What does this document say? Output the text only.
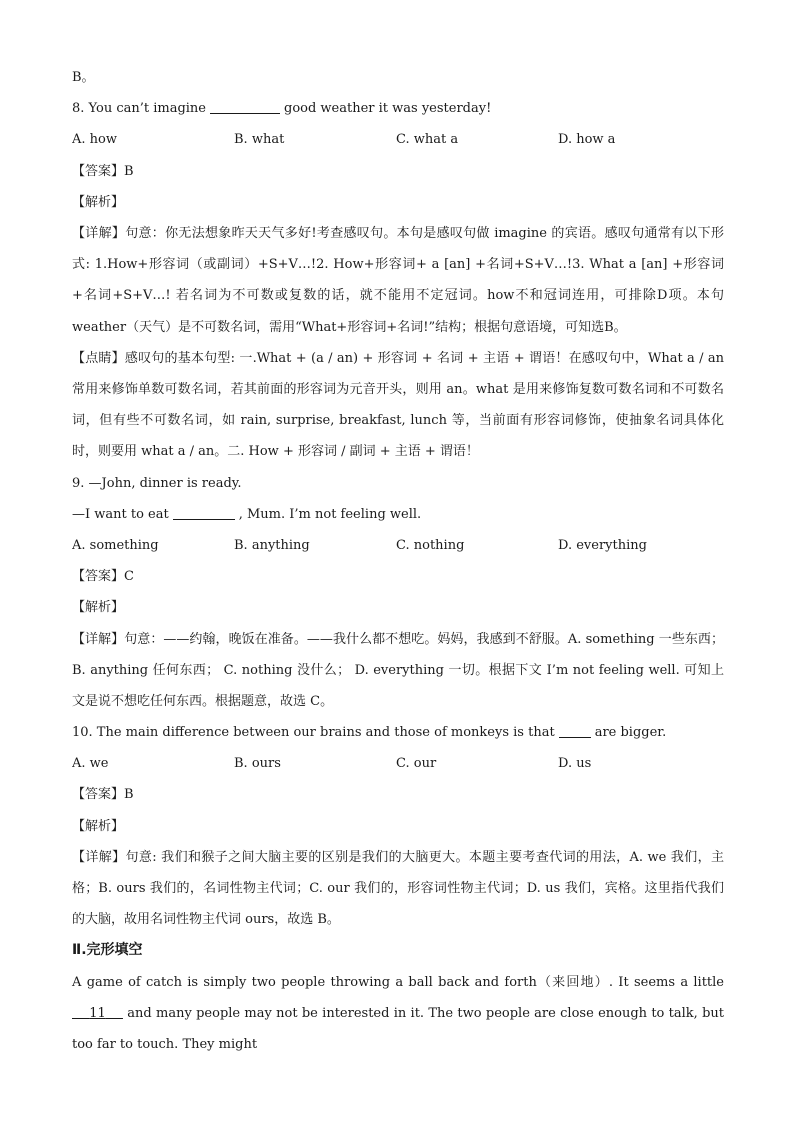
B。
8. You can’t imagine	good weather it was yesterday!
A. how	B. what	C. what a	D. how a
【答案】B
【解析】
【详解】句意：你无法想象昨天天气多好!考查感叹句。本句是感叹句做 imagine 的宾语。感叹句通常有以下形式: 1.How+形容词（或副词）+S+V…!2. How+形容词+ a [an] +名词+S+V…!3. What a [an] +形容词+名词+S+V…! 若名词为不可数或复数的话，就不能用不定冠词。how不和冠词连用，可排除D项。本句 weather（天气）是不可数名词，需用“What+形容词+名词!”结构；根据句意语境，可知选B。
【点睛】感叹句的基本句型: 一.What + (a / an) + 形容词 + 名词 + 主语 + 谓语！在感叹句中，What a / an 常用来修饰单数可数名词，若其前面的形容词为元音开头，则用 an。what 是用来修饰复数可数名词和不可数名词，但有些不可数名词，如 rain, surprise, breakfast, lunch 等，当前面有形容词修饰，使抽象名词具体化时，则要用 what a / an。二. How + 形容词 / 副词 + 主语 + 谓语！
9. —John, dinner is ready.
—I want to eat	, Mum. I’m not feeling well.
A. something	B. anything	C. nothing	D. everything
【答案】C
【解析】
【详解】句意：——约翰，晚饭在准备。——我什么都不想吃。妈妈，我感到不舒服。A. something 一些东西；B. anything 任何东西； C. nothing 没什么； D. everything 一切。根据下文 I’m not feeling well. 可知上文是说不想吃任何东西。根据题意，故选 C。
10. The main difference between our brains and those of monkeys is that	are bigger.
A. we	B. ours	C. our	D. us
【答案】B
【解析】
【详解】句意: 我们和猴子之间大脑主要的区别是我们的大脑更大。本题主要考查代词的用法，A. we 我们，主格；B. ours 我们的，名词性物主代词；C. our 我们的，形容词性物主代词；D. us 我们，宾格。这里指代我们的大脑，故用名词性物主代词 ours，故选 B。
Ⅱ.完形填空
A game of catch is simply two people throwing a ball back and forth（来回地）. It seems a little     11 and many people may not be interested in it. The two people are close enough to talk, but too far to touch. They might
